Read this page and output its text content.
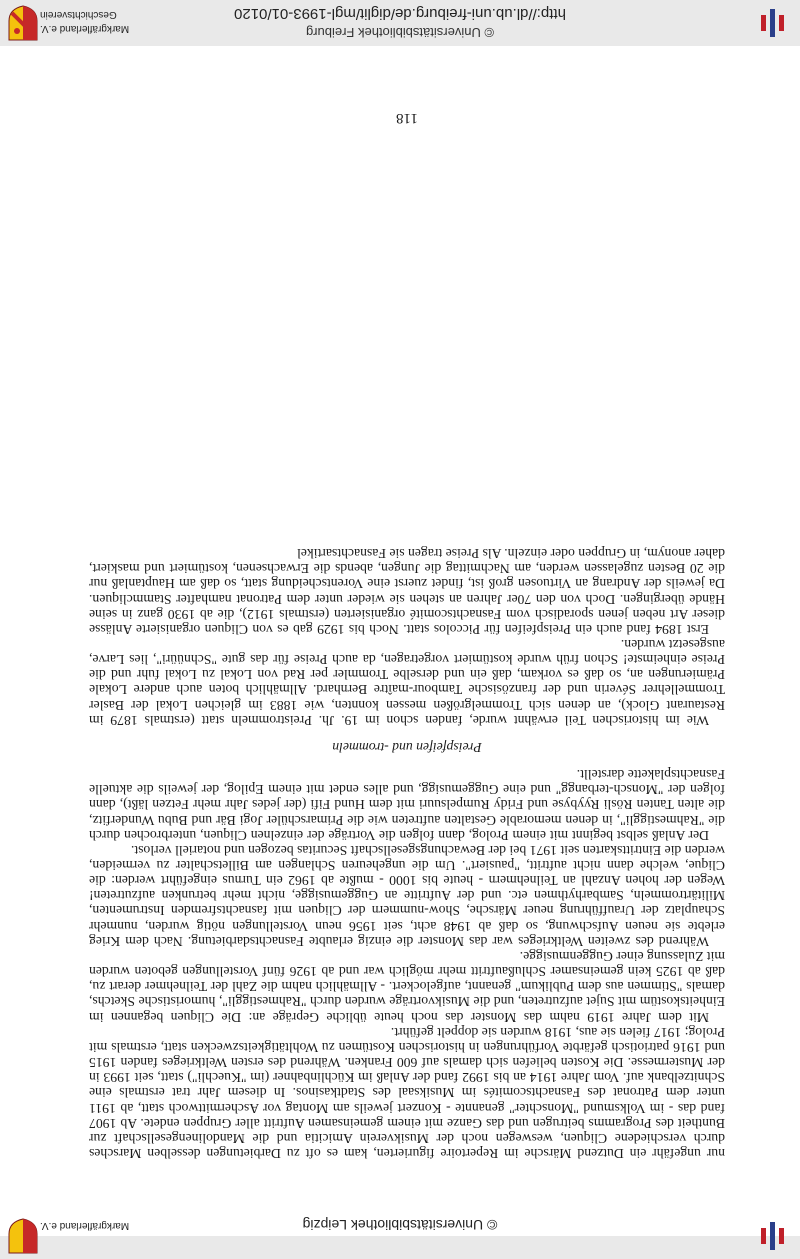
http://dl.ub.uni-freiburg.de/diglit/mgl-1993-01/0120
© Universitätsbibliothek Freiburg
Geschichtsverein
Markgräflerland e.V.

nur ungefähr ein Dutzend Märsche im Repertoire figurierten, kam es oft zu Darbietungen desselben Marsches durch verschiedene Cliquen, weswegen noch der Musikverein Amicitia und die Mandolinengesellschaft zur Buntheit des Programms beitrugen und das Ganze mit einem gemeinsamen Auftritt aller Gruppen endete. Ab 1907 fand das - im Volksmund "Monschter" genannte - Konzert jeweils am Montag vor Aschermittwoch statt, ab 1911 unter dem Patronat des Fasnachtscomités im Musiksaal des Stadtkasinos. In diesem Jahr trat erstmals eine Schnitzelbank auf. Vom Jahre 1914 an bis 1992 fand der Anlaß im Küchlinbahner (im "Kuechli") statt, seit 1993 in der Mustermesse. Die Kosten beliefen sich damals auf 600 Franken. Während des ersten Weltkrieges fanden 1915 und 1916 patriotisch gefärbte Vorführungen in historischen Kostümen zu Wohltätigkeitszwecken statt, erstmals mit Prolog; 1917 fielen sie aus, 1918 wurden sie doppelt geführt.

Mit dem Jahre 1919 nahm das Monster das noch heute übliche Gepräge an: Die Cliquen begannen im Einheitskostüm mit Sujet aufzutreten, und die Musikvorträge wurden durch "Rahmestiggli", humoristische Sketchs, damals "Stimmen aus dem Publikum" genannt, aufgelockert. - Allmählich nahm die Zahl der Teilnehmer derart zu, daß ab 1925 kein gemeinsamer Schlußauftritt mehr möglich war und ab 1926 fünf Vorstellungen geboten wurden mit Zulassung einer Guggenmusigge.

Während des zweiten Weltkrieges war das Monster die einzig erlaubte Fasnachtsdarbietung. Nach dem Krieg erlebte sie neuen Aufschwung, so daß ab 1948 acht, seit 1956 neun Vorstellungen nötig wurden, nunmehr Schauplatz der Uraufführung neuer Märsche, Show-nummern der Cliquen mit fasnachtsfremden Instrumenten, Militärtrommeln, Sambarhythmen etc. und der Auftritte an Guggemusigge, nicht mehr betrunken aufzutreten! Wegen der hohen Anzahl an Teilnehmern - heute bis 1000 - mußte ab 1962 ein Turnus eingeführt werden: die Clique, welche dann nicht auftritt, "pausiert". Um die ungeheuren Schlangen am Billetschalter zu vermeiden, werden die Eintrittskarten seit 1971 bei der Bewachungsgesellschaft Securitas bezogen und notariell verlost.

Der Anlaß selbst beginnt mit einem Prolog, dann folgen die Vorträge der einzelnen Cliquen, unterbrochen durch die "Rahmestiggli", in denen memorable Gestalten auftreten wie die Primarschüler Jogi Bär und Bubu Wunderfitz, die alten Tanten Rösli Ryybyse und Fridy Rumpelsuuri mit dem Hund Fifi (der jedes Jahr mehr Fetzen läßt), dann folgen der "Monsch-terbangg" und eine Guggemusigg, und alles endet mit einem Epilog, der jeweils die aktuelle Fasnachtsplakette darstellt.

Preispfeifen und -trommeln

Wie im historischen Teil erwähnt wurde, fanden schon im 19. Jh. Preistrommeln statt (erstmals 1879 im Restaurant Glock), an denen sich Trommelgrößen messen konnten, wie 1883 im gleichen Lokal der Basler Trommellehrer Séverin und der französische Tambour-maître Bernhard. Allmählich boten auch andere Lokale Prämierungen an, so daß es vorkam, daß ein und derselbe Trommler per Rad von Lokal zu Lokal fuhr und die Preise einheimste! Schon früh wurde kostümiert vorgetragen, da auch Preise für das gute "Schnüüri", lies Larve, ausgesetzt wurden.

Erst 1894 fand auch ein Preispfeifen für Piccolos statt. Noch bis 1929 gab es von Cliquen organisierte Anlässe dieser Art neben jenen sporadisch vom Fasnachtscomité organisierten (erstmals 1912), die ab 1930 ganz in seine Hände übergingen. Doch von den 70er Jahren an stehen sie wieder unter dem Patronat namhafter Stammcliquen. Da jeweils der Andrang an Virtuosen groß ist, findet zuerst eine Vorentscheidung statt, so daß am Hauptanlaß nur die 20 Besten zugelassen werden, am Nachmittag die Jungen, abends die Erwachsenen, kostümiert und maskiert, daher anonym, in Gruppen oder einzeln. Als Preise tragen sie Fasnachtsartikel

118
© Universitätsbibliothek Leipzig
Markgräflerland e.V.
